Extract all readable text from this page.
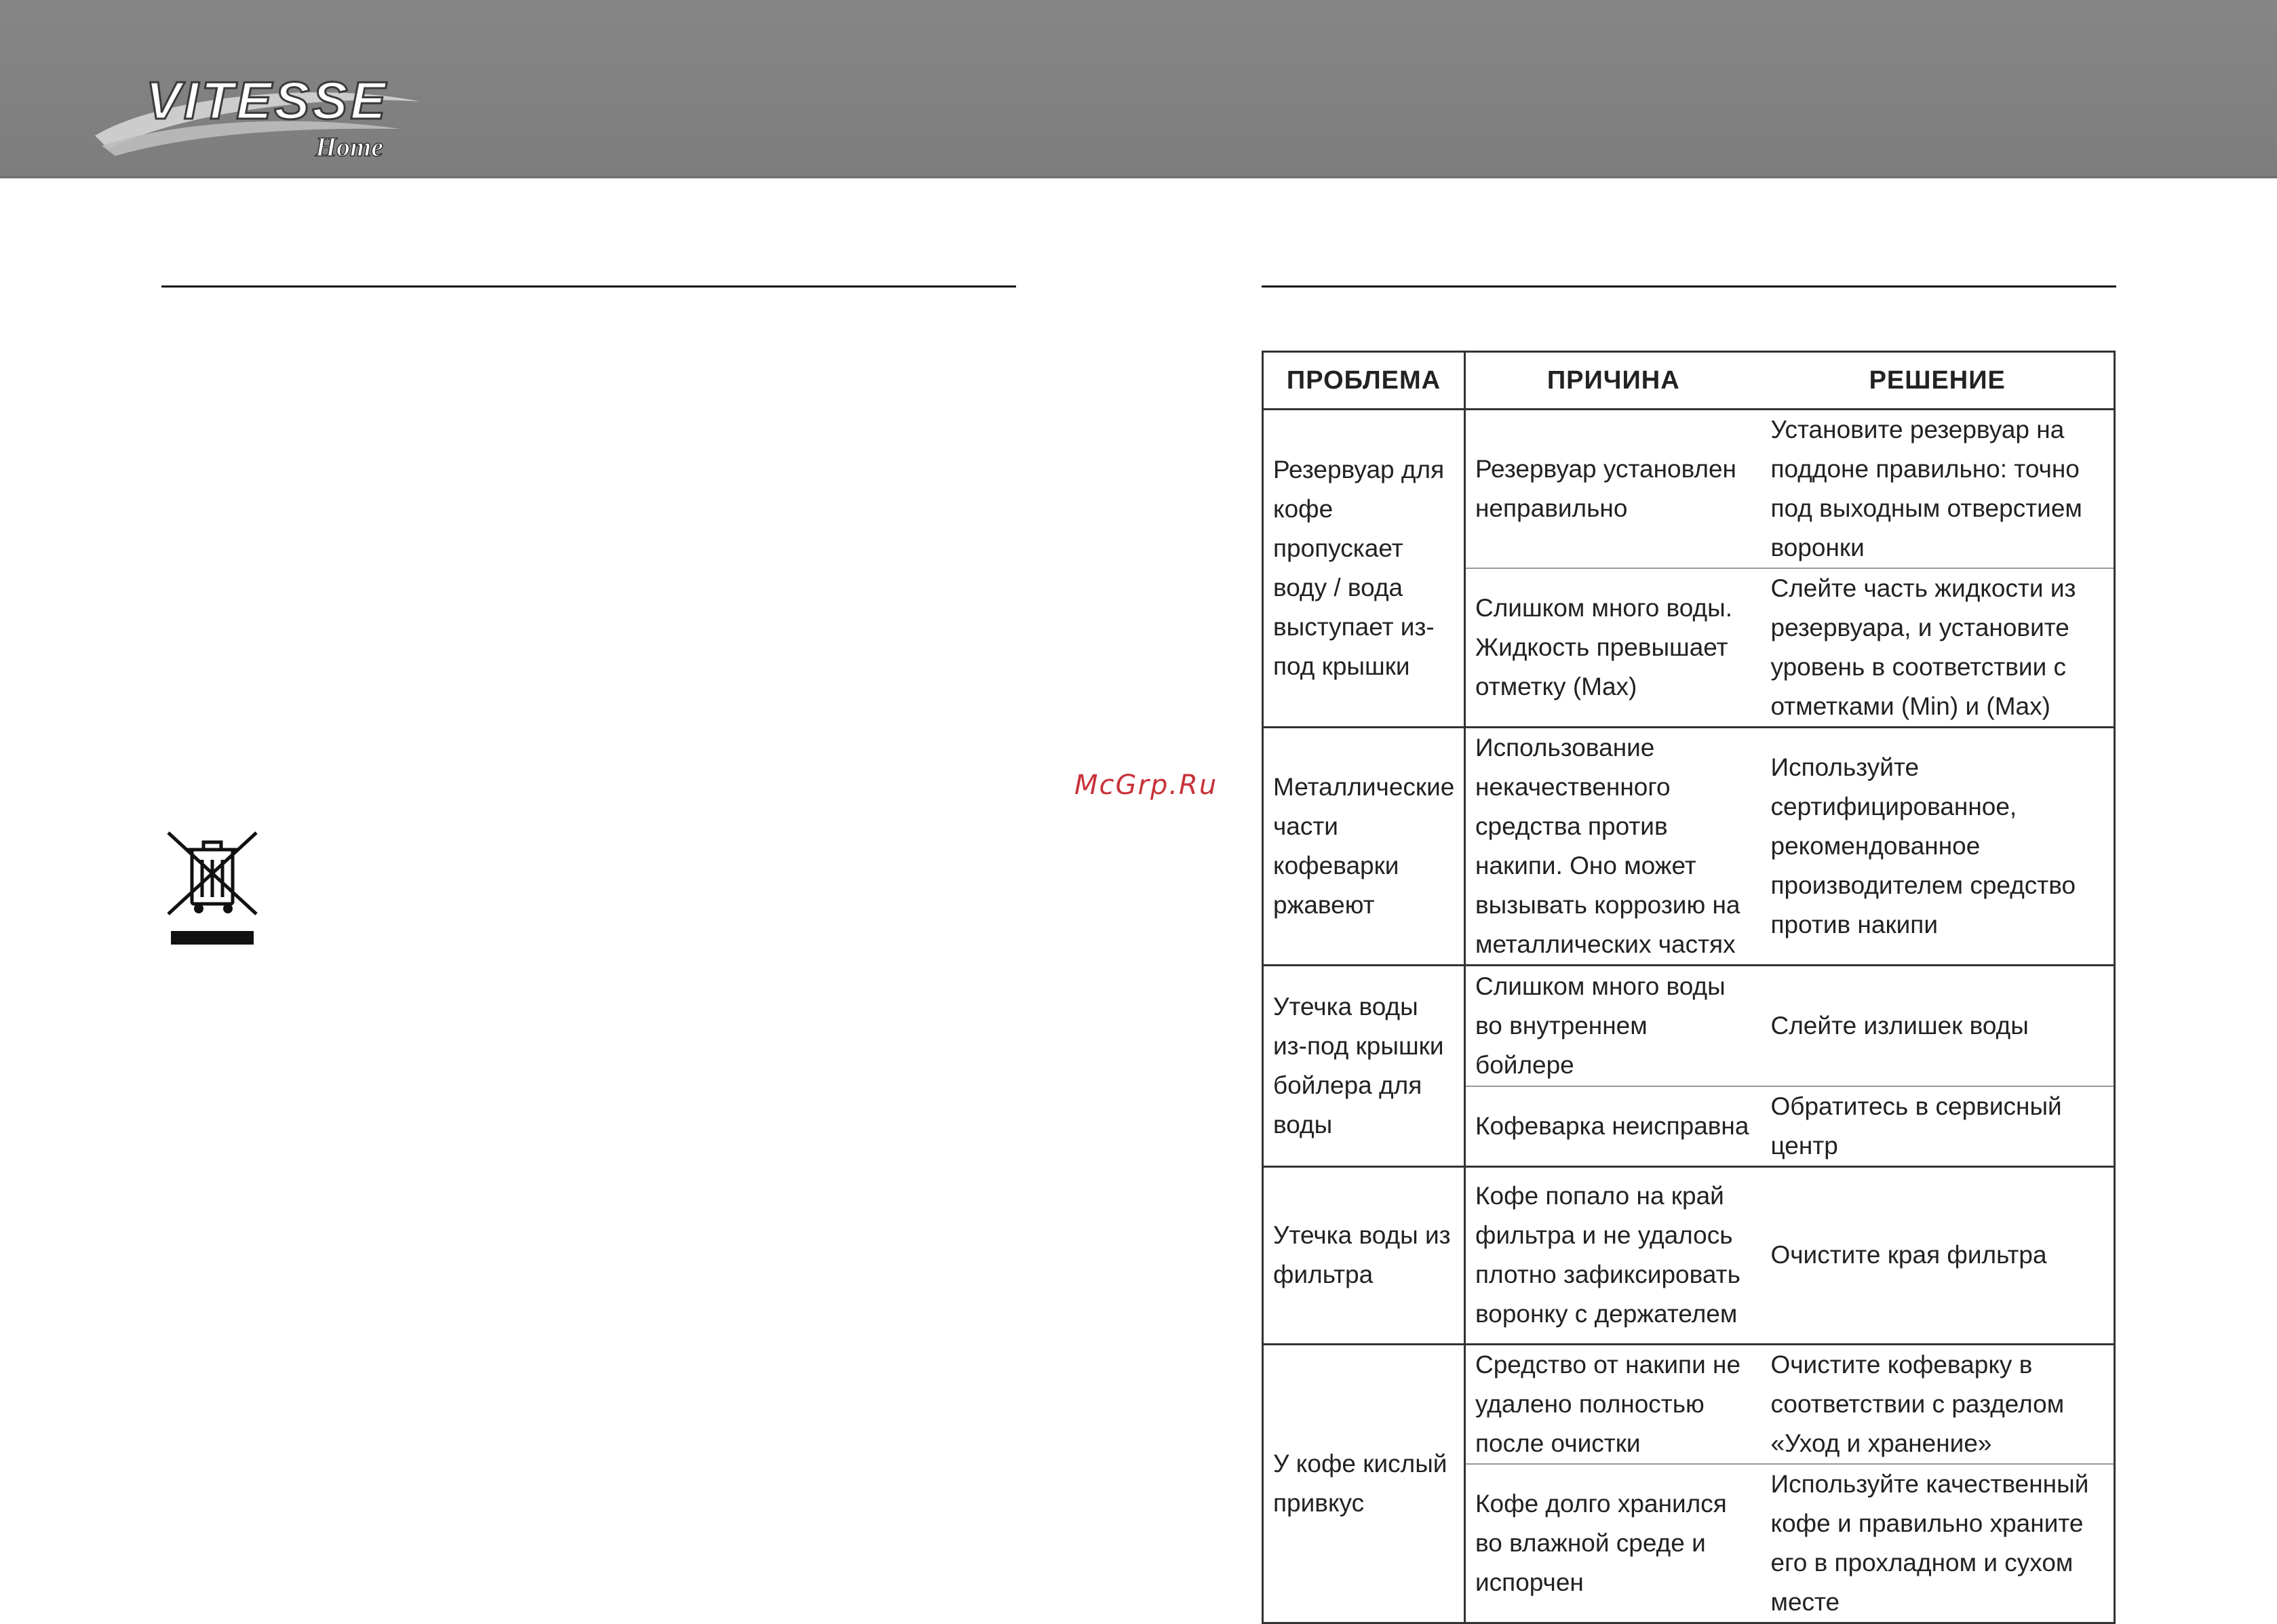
VITESSE
Home
McGrp.Ru
ПРОБЛЕМА	ПРИЧИНА	РЕШЕНИЕ
Резервуар для кофе пропускает воду / вода выступает из-под крышки	Резервуар установлен неправильно	Установите резервуар на поддоне правильно: точно под выходным отверстием воронки
	Слишком много воды. Жидкость превышает отметку (Max)	Слейте часть жидкости из резервуара, и установите уровень в соответствии с отметками (Min) и (Max)
Металлические части кофеварки ржавеют	Использование некачественного средства против накипи. Оно может вызывать коррозию на металлических частях	Используйте сертифицированное, рекомендованное производителем средство против накипи
Утечка воды из-под крышки бойлера для воды	Слишком много воды во внутреннем бойлере	Слейте излишек воды
	Кофеварка неисправна	Обратитесь в сервисный центр
Утечка воды из фильтра	Кофе попало на край фильтра и не удалось плотно зафиксировать воронку с держателем	Очистите края фильтра
У кофе кислый привкус	Средство от накипи не удалено полностью после очистки	Очистите кофеварку в соответствии с разделом «Уход и хранение»
	Кофе долго хранился во влажной среде и испорчен	Используйте качественный кофе и правильно храните его в прохладном и сухом месте
